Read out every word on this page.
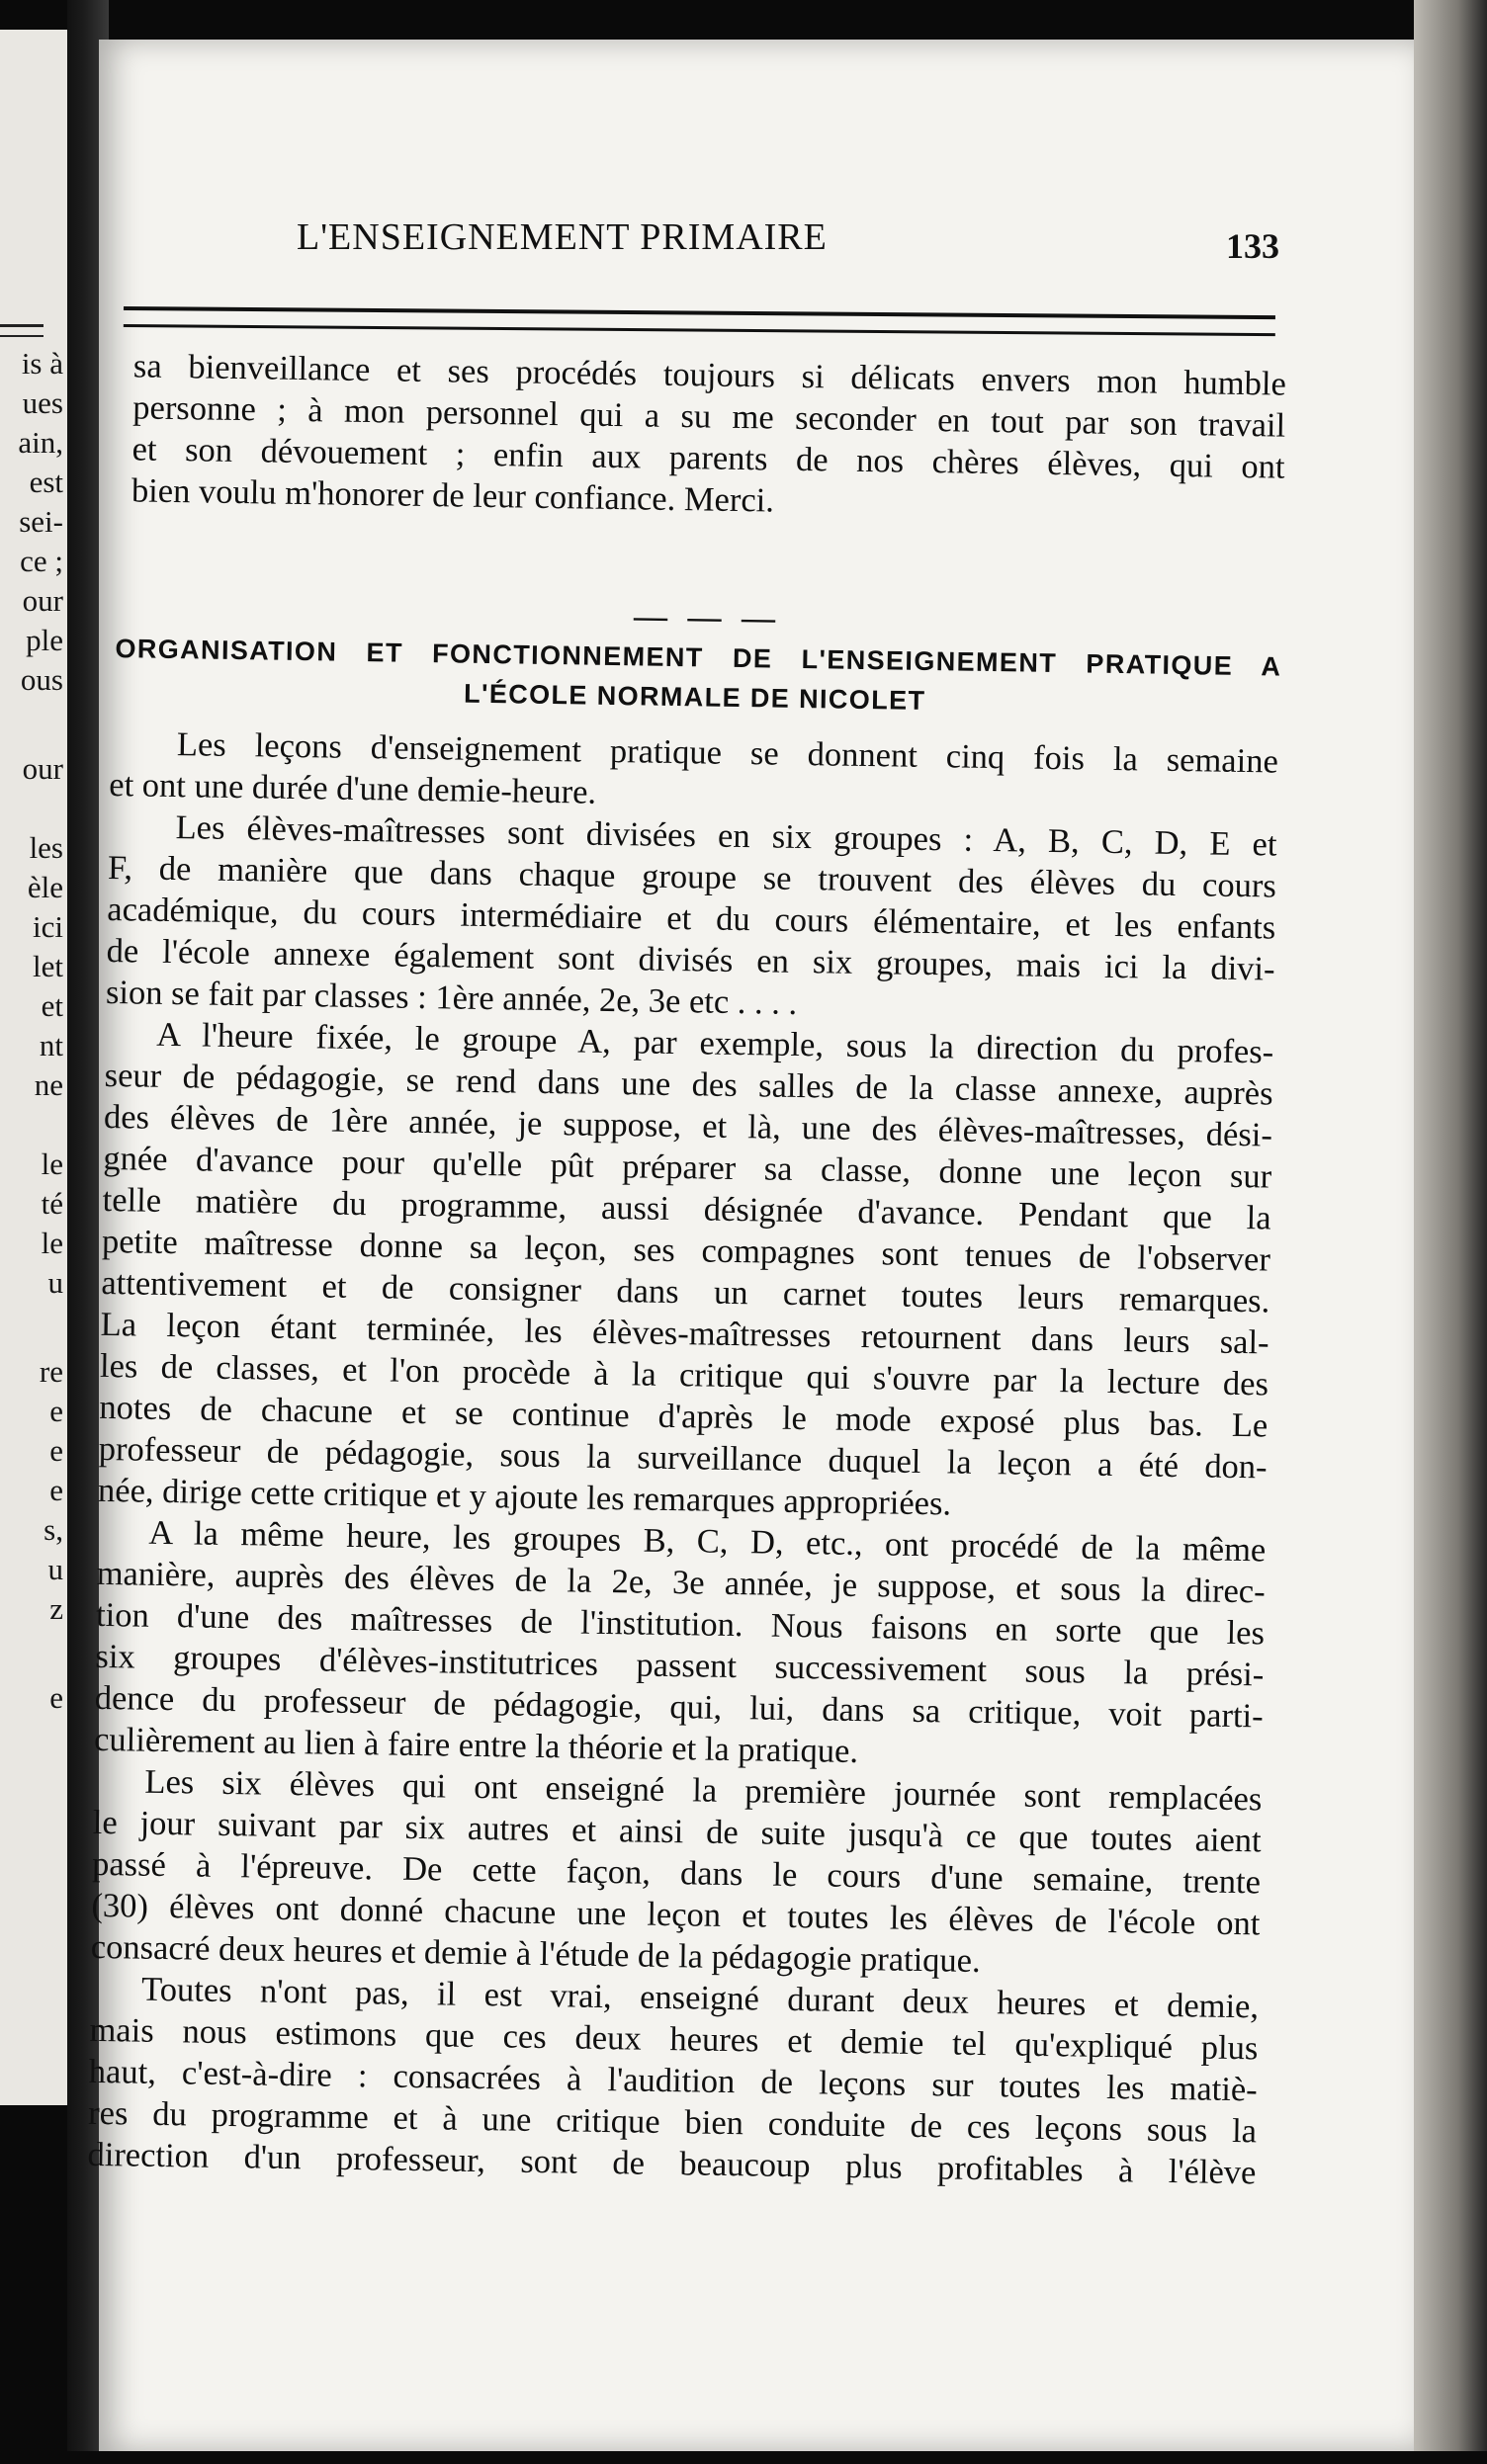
is à
ues
ain,
est
sei-
ce ;
our
ple
ous
our
les
èle
ici
let
et
nt
ne
le
té
le
u
re
e
e
e
s,
u
z
e
L'ENSEIGNEMENT PRIMAIRE	133
sa bienveillance et ses procédés toujours si délicats envers mon humble
personne ; à mon personnel qui a su me seconder en tout par son travail
et son dévouement ; enfin aux parents de nos chères élèves, qui ont
bien voulu m'honorer de leur confiance. Merci.
— — —
ORGANISATION ET FONCTIONNEMENT DE L'ENSEIGNEMENT PRATIQUE A
L'ÉCOLE NORMALE DE NICOLET
Les leçons d'enseignement pratique se donnent cinq fois la semaine
et ont une durée d'une demie-heure.
Les élèves-maîtresses sont divisées en six groupes : A, B, C, D, E et
F, de manière que dans chaque groupe se trouvent des élèves du cours
académique, du cours intermédiaire et du cours élémentaire, et les enfants
de l'école annexe également sont divisés en six groupes, mais ici la divi-
sion se fait par classes : 1ère année, 2e, 3e etc . . . .
A l'heure fixée, le groupe A, par exemple, sous la direction du profes-
seur de pédagogie, se rend dans une des salles de la classe annexe, auprès
des élèves de 1ère année, je suppose, et là, une des élèves-maîtresses, dési-
gnée d'avance pour qu'elle pût préparer sa classe, donne une leçon sur
telle matière du programme, aussi désignée d'avance. Pendant que la
petite maîtresse donne sa leçon, ses compagnes sont tenues de l'observer
attentivement et de consigner dans un carnet toutes leurs remarques.
La leçon étant terminée, les élèves-maîtresses retournent dans leurs sal-
les de classes, et l'on procède à la critique qui s'ouvre par la lecture des
notes de chacune et se continue d'après le mode exposé plus bas. Le
professeur de pédagogie, sous la surveillance duquel la leçon a été don-
née, dirige cette critique et y ajoute les remarques appropriées.
A la même heure, les groupes B, C, D, etc., ont procédé de la même
manière, auprès des élèves de la 2e, 3e année, je suppose, et sous la direc-
tion d'une des maîtresses de l'institution. Nous faisons en sorte que les
six groupes d'élèves-institutrices passent successivement sous la prési-
dence du professeur de pédagogie, qui, lui, dans sa critique, voit parti-
culièrement au lien à faire entre la théorie et la pratique.
Les six élèves qui ont enseigné la première journée sont remplacées
le jour suivant par six autres et ainsi de suite jusqu'à ce que toutes aient
passé à l'épreuve. De cette façon, dans le cours d'une semaine, trente
(30) élèves ont donné chacune une leçon et toutes les élèves de l'école ont
consacré deux heures et demie à l'étude de la pédagogie pratique.
Toutes n'ont pas, il est vrai, enseigné durant deux heures et demie,
mais nous estimons que ces deux heures et demie tel qu'expliqué plus
haut, c'est-à-dire : consacrées à l'audition de leçons sur toutes les matiè-
res du programme et à une critique bien conduite de ces leçons sous la
direction d'un professeur, sont de beaucoup plus profitables à l'élève
